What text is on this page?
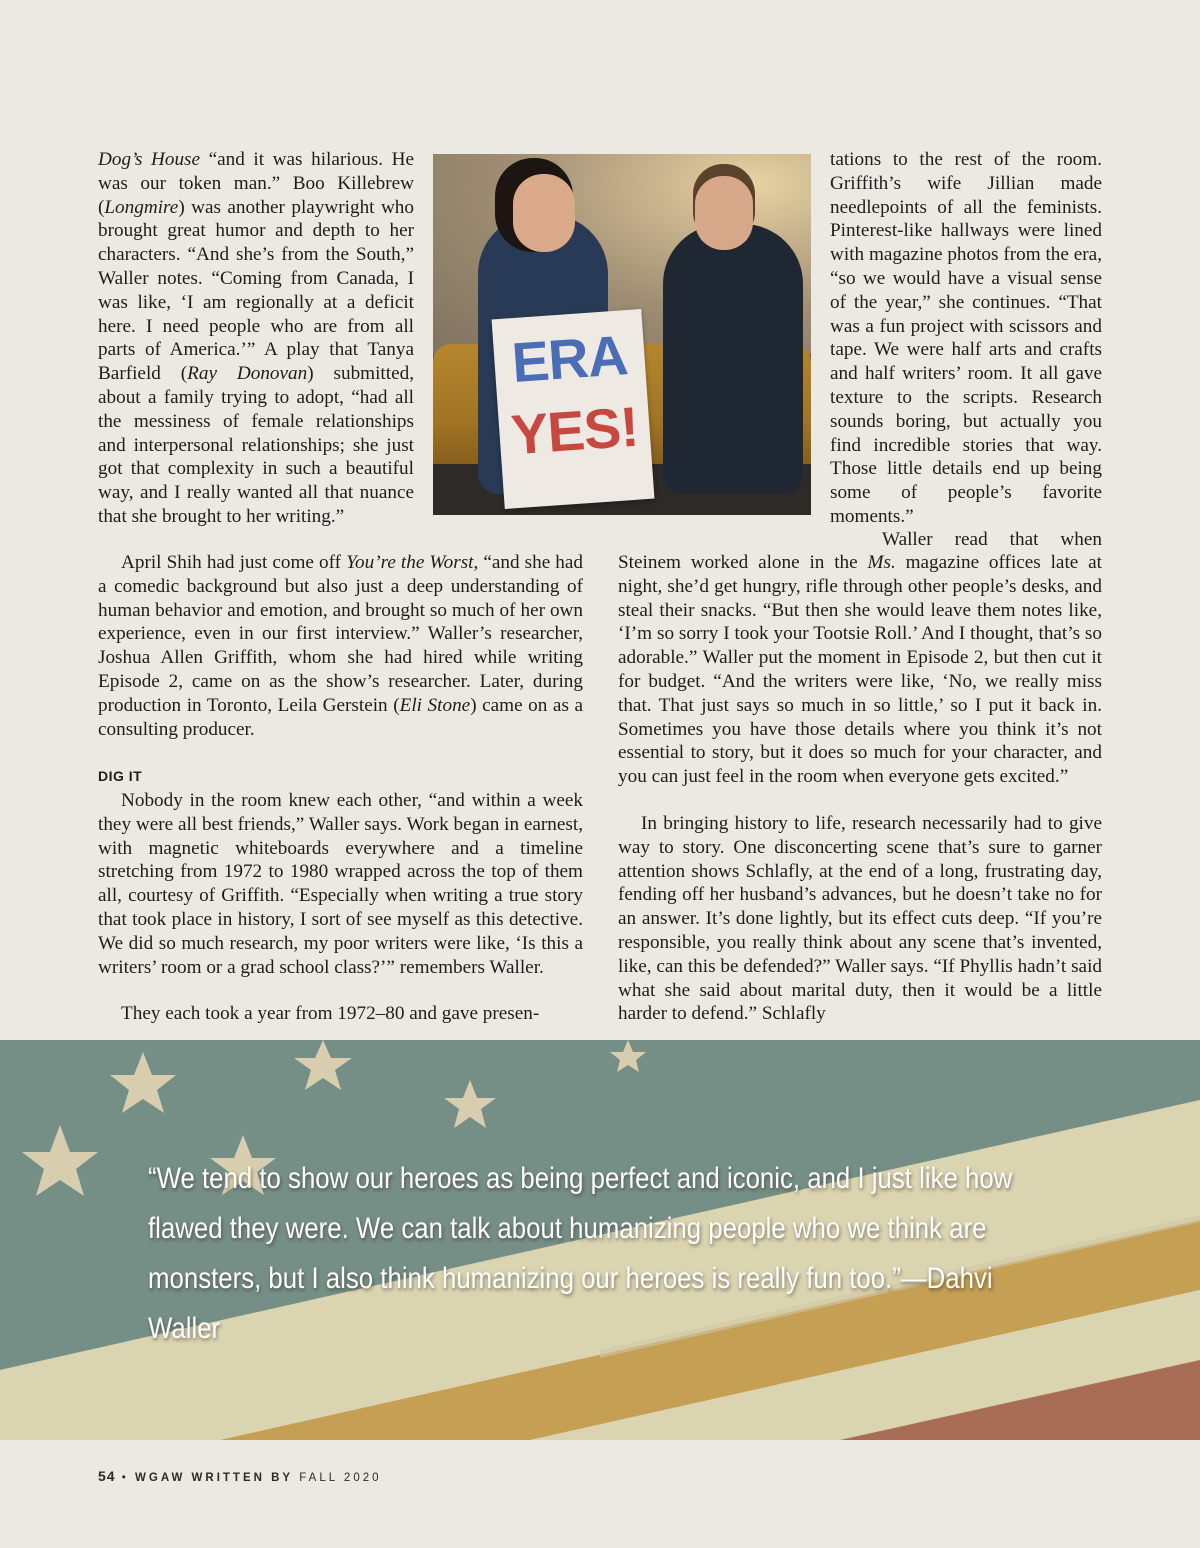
Dog’s House “and it was hilarious. He was our token man.” Boo Killebrew (Longmire) was another playwright who brought great humor and depth to her characters. “And she’s from the South,” Waller notes. “Coming from Canada, I was like, ‘I am regionally at a deficit here. I need people who are from all parts of America.’” A play that Tanya Barfield (Ray Donovan) submitted, about a family trying to adopt, “had all the messiness of female relationships and interpersonal relationships; she just got that complexity in such a beautiful way, and I really wanted all that nuance that she brought to her writing.”

ERA
YES!

April Shih had just come off You’re the Worst, “and she had a comedic background but also just a deep understanding of human behavior and emotion, and brought so much of her own experience, even in our first interview.” Waller’s researcher, Joshua Allen Griffith, whom she had hired while writing Episode 2, came on as the show’s researcher. Later, during production in Toronto, Leila Gerstein (Eli Stone) came on as a consulting producer.

DIG IT

Nobody in the room knew each other, “and within a week they were all best friends,” Waller says. Work began in earnest, with magnetic whiteboards everywhere and a timeline stretching from 1972 to 1980 wrapped across the top of them all, courtesy of Griffith. “Especially when writing a true story that took place in history, I sort of see myself as this detective. We did so much research, my poor writers were like, ‘Is this a writers’ room or a grad school class?’” remembers Waller.

They each took a year from 1972–80 and gave presen-

tations to the rest of the room. Griffith’s wife Jillian made needlepoints of all the feminists. Pinterest-like hallways were lined with magazine photos from the era, “so we would have a visual sense of the year,” she continues. “That was a fun project with scissors and tape. We were half arts and crafts and half writers’ room. It all gave texture to the scripts. Research sounds boring, but actually you find incredible stories that way. Those little details end up being some of people’s favorite moments.”

Waller read that when

Steinem worked alone in the Ms. magazine offices late at night, she’d get hungry, rifle through other people’s desks, and steal their snacks. “But then she would leave them notes like, ‘I’m so sorry I took your Tootsie Roll.’ And I thought, that’s so adorable.” Waller put the moment in Episode 2, but then cut it for budget. “And the writers were like, ‘No, we really miss that. That just says so much in so little,’ so I put it back in. Sometimes you have those details where you think it’s not essential to story, but it does so much for your character, and you can just feel in the room when everyone gets excited.”

In bringing history to life, research necessarily had to give way to story. One disconcerting scene that’s sure to garner attention shows Schlafly, at the end of a long, frustrating day, fending off her husband’s advances, but he doesn’t take no for an answer. It’s done lightly, but its effect cuts deep. “If you’re responsible, you really think about any scene that’s invented, like, can this be defended?” Waller says. “If Phyllis hadn’t said what she said about marital duty, then it would be a little harder to defend.” Schlafly

“We tend to show our heroes as being perfect and iconic, and I just like how flawed they were. We can talk about humanizing people who we think are monsters, but I also think humanizing our heroes is really fun too.”—Dahvi Waller

54 • WGAW WRITTEN BY FALL 2020
